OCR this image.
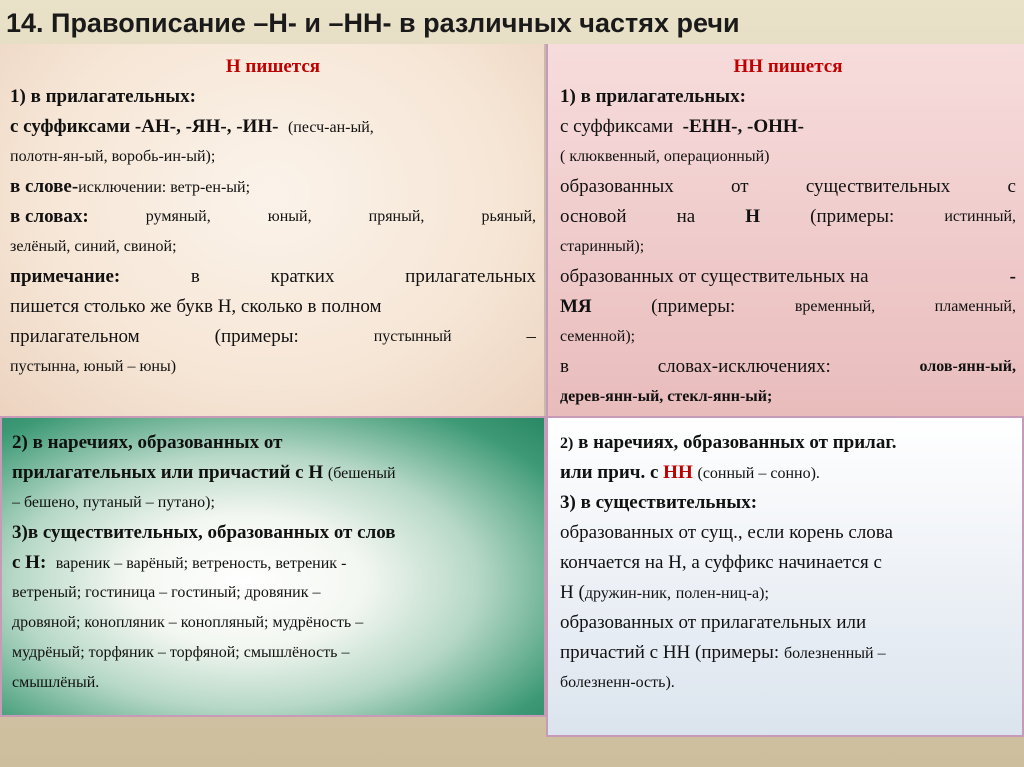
14. Правописание –Н- и –НН- в различных частях речи
Н пишется
1) в прилагательных:
с суффиксами -АН-, -ЯН-, -ИН- (песч-ан-ый,
полотн-ян-ый, воробь-ин-ый);
в слове-исключении: ветр-ен-ый;
в словах:	румяный,	юный,	пряный,	рьяный,
зелёный, синий, свиной;
примечание:	в	кратких	прилагательных
пишется столько же букв Н, сколько в полном
прилагательном	(примеры:	пустынный	–
пустынна, юный – юны)
НН пишется
1) в прилагательных:
с суффиксами -ЕНН-, -ОНН-
( клюквенный, операционный)
образованных	от	существительных	с
основой	на	Н	(примеры:	истинный,
старинный);
образованных от существительных на	-
МЯ	(примеры:	временный,	пламенный,
семенной);
в	словах-исключениях:	олов-янн-ый,
дерев-янн-ый, стекл-янн-ый;
2) в наречиях, образованных от
прилагательных или причастий с Н (бешеный
– бешено, путаный – путано);
3)в существительных, образованных от слов
с Н: вареник – варёный; ветреность, ветреник -
ветреный; гостиница – гостиный; дровяник –
дровяной; конопляник – конопляный; мудрёность –
мудрёный; торфяник – торфяной; смышлёность –
смышлёный.
2) в наречиях, образованных от прилаг.
или прич. с НН (сонный – сонно).
3) в существительных:
образованных от сущ., если корень слова
кончается на Н, а суффикс начинается с
Н (дружин-ник, полен-ниц-а);
образованных от прилагательных или
причастий с НН (примеры: болезненный –
болезненн-ость).
